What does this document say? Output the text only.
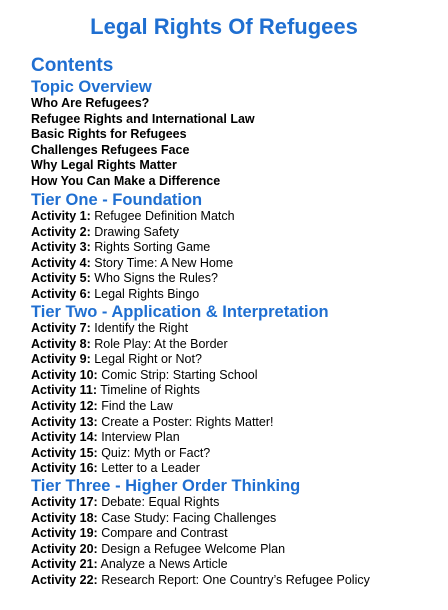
Legal Rights Of Refugees
Contents
Topic Overview
Who Are Refugees?
Refugee Rights and International Law
Basic Rights for Refugees
Challenges Refugees Face
Why Legal Rights Matter
How You Can Make a Difference
Tier One - Foundation
Activity 1: Refugee Definition Match
Activity 2: Drawing Safety
Activity 3: Rights Sorting Game
Activity 4: Story Time: A New Home
Activity 5: Who Signs the Rules?
Activity 6: Legal Rights Bingo
Tier Two - Application & Interpretation
Activity 7: Identify the Right
Activity 8: Role Play: At the Border
Activity 9: Legal Right or Not?
Activity 10: Comic Strip: Starting School
Activity 11: Timeline of Rights
Activity 12: Find the Law
Activity 13: Create a Poster: Rights Matter!
Activity 14: Interview Plan
Activity 15: Quiz: Myth or Fact?
Activity 16: Letter to a Leader
Tier Three - Higher Order Thinking
Activity 17: Debate: Equal Rights
Activity 18: Case Study: Facing Challenges
Activity 19: Compare and Contrast
Activity 20: Design a Refugee Welcome Plan
Activity 21: Analyze a News Article
Activity 22: Research Report: One Country’s Refugee Policy
